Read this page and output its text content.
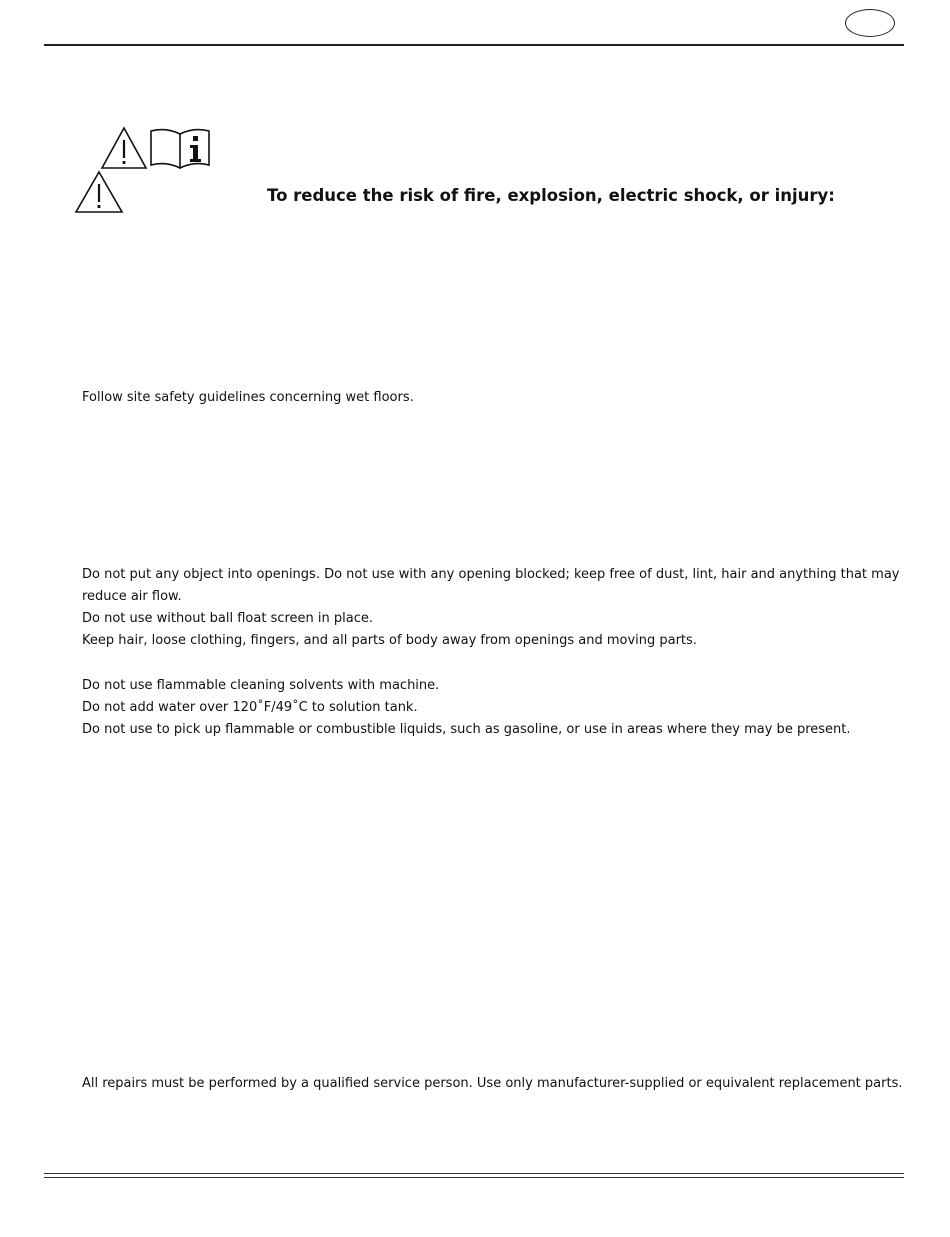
To reduce the risk of fire, explosion, electric shock, or injury:
Follow site safety guidelines concerning wet floors.
Do not put any object into openings. Do not use with any opening blocked; keep free of dust, lint, hair and anything that may
reduce air flow.
Do not use without ball float screen in place.
Keep hair, loose clothing, fingers, and all parts of body away from openings and moving parts.
Do not use flammable cleaning solvents with machine.
Do not add water over 120˚F/49˚C to solution tank.
Do not use to pick up flammable or combustible liquids, such as gasoline, or use in areas where they may be present.
All repairs must be performed by a qualified service person. Use only manufacturer-supplied or equivalent replacement parts.
